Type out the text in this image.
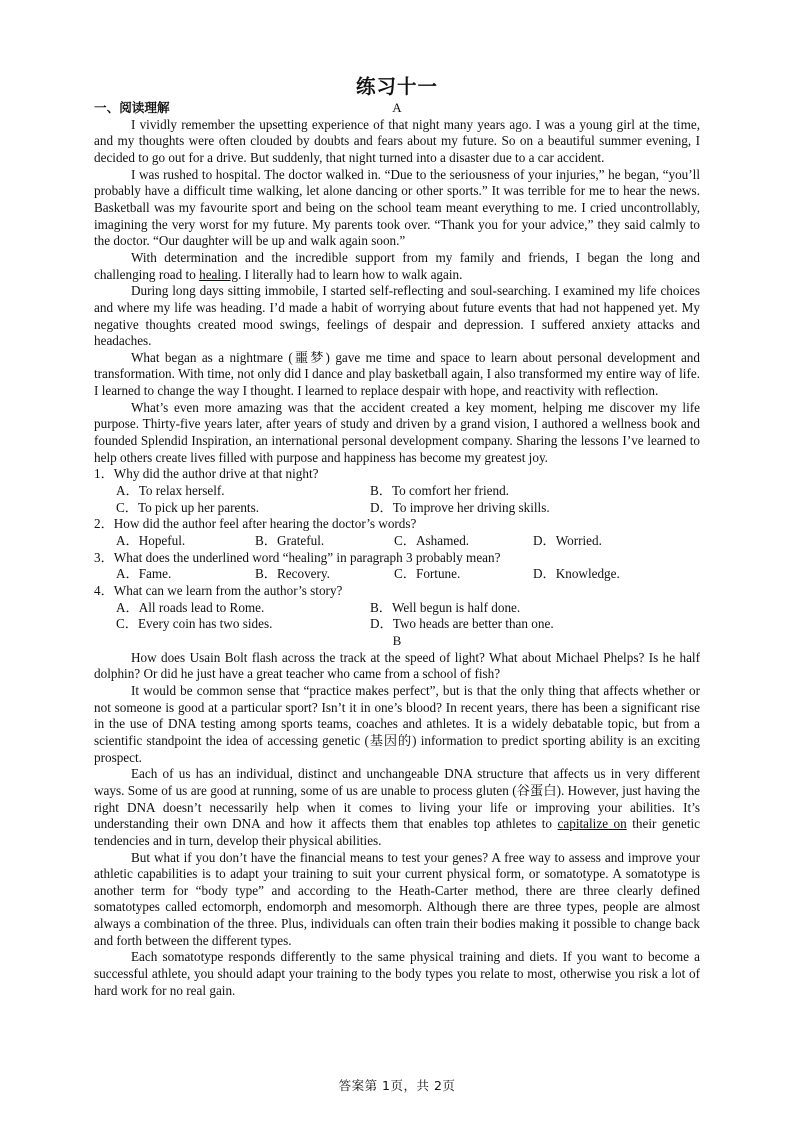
练习十一
一、阅读理解	A

I vividly remember the upsetting experience of that night many years ago. I was a young girl at the time, and my thoughts were often clouded by doubts and fears about my future. So on a beautiful summer evening, I decided to go out for a drive. But suddenly, that night turned into a disaster due to a car accident.

I was rushed to hospital. The doctor walked in. “Due to the seriousness of your injuries,” he began, “you’ll probably have a difficult time walking, let alone dancing or other sports.” It was terrible for me to hear the news. Basketball was my favourite sport and being on the school team meant everything to me. I cried uncontrollably, imagining the very worst for my future. My parents took over. “Thank you for your advice,” they said calmly to the doctor. “Our daughter will be up and walk again soon.”

With determination and the incredible support from my family and friends, I began the long and challenging road to healing. I literally had to learn how to walk again.

During long days sitting immobile, I started self-reflecting and soul-searching. I examined my life choices and where my life was heading. I’d made a habit of worrying about future events that had not happened yet. My negative thoughts created mood swings, feelings of despair and depression. I suffered anxiety attacks and headaches.

What began as a nightmare (噩梦) gave me time and space to learn about personal development and transformation. With time, not only did I dance and play basketball again, I also transformed my entire way of life. I learned to change the way I thought. I learned to replace despair with hope, and reactivity with reflection.

What’s even more amazing was that the accident created a key moment, helping me discover my life purpose. Thirty-five years later, after years of study and driven by a grand vision, I authored a wellness book and founded Splendid Inspiration, an international personal development company. Sharing the lessons I’ve learned to help others create lives filled with purpose and happiness has become my greatest joy.

1．Why did the author drive at that night?
A．To relax herself.	B．To comfort her friend.
C．To pick up her parents.	D．To improve her driving skills.
2．How did the author feel after hearing the doctor’s words?
A．Hopeful.	B．Grateful.	C．Ashamed.	D．Worried.
3．What does the underlined word “healing” in paragraph 3 probably mean?
A．Fame.	B．Recovery.	C．Fortune.	D．Knowledge.
4．What can we learn from the author’s story?
A．All roads lead to Rome.	B．Well begun is half done.
C．Every coin has two sides.	D．Two heads are better than one.
B

How does Usain Bolt flash across the track at the speed of light? What about Michael Phelps? Is he half dolphin? Or did he just have a great teacher who came from a school of fish?

It would be common sense that “practice makes perfect”, but is that the only thing that affects whether or not someone is good at a particular sport? Isn’t it in one’s blood? In recent years, there has been a significant rise in the use of DNA testing among sports teams, coaches and athletes. It is a widely debatable topic, but from a scientific standpoint the idea of accessing genetic (基因的) information to predict sporting ability is an exciting prospect.

Each of us has an individual, distinct and unchangeable DNA structure that affects us in very different ways. Some of us are good at running, some of us are unable to process gluten (谷蛋白). However, just having the right DNA doesn’t necessarily help when it comes to living your life or improving your abilities. It’s understanding their own DNA and how it affects them that enables top athletes to capitalize on their genetic tendencies and in turn, develop their physical abilities.

But what if you don’t have the financial means to test your genes? A free way to assess and improve your athletic capabilities is to adapt your training to suit your current physical form, or somatotype. A somatotype is another term for “body type” and according to the Heath-Carter method, there are three clearly defined somatotypes called ectomorph, endomorph and mesomorph. Although there are three types, people are almost always a combination of the three. Plus, individuals can often train their bodies making it possible to change back and forth between the different types.

Each somatotype responds differently to the same physical training and diets. If you want to become a successful athlete, you should adapt your training to the body types you relate to most, otherwise you risk a lot of hard work for no real gain.

答案第 1页，共 2页
